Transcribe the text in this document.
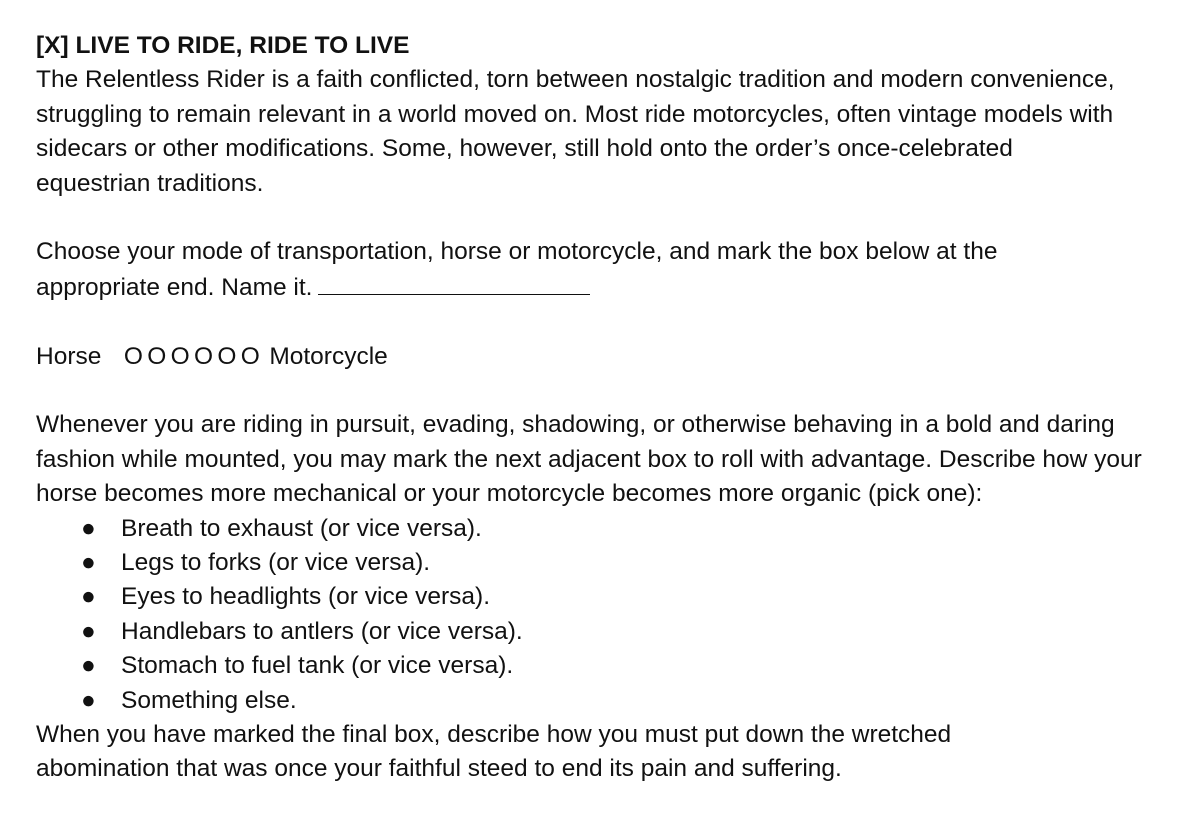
[X] LIVE TO RIDE, RIDE TO LIVE

The Relentless Rider is a faith conflicted, torn between nostalgic tradition and modern convenience, struggling to remain relevant in a world moved on. Most ride motorcycles, often vintage models with sidecars or other modifications. Some, however, still hold onto the order’s once-celebrated equestrian traditions.

Choose your mode of transportation, horse or motorcycle, and mark the box below at the
appropriate end. Name it.

Horse O O O O O O Motorcycle

Whenever you are riding in pursuit, evading, shadowing, or otherwise behaving in a bold and daring fashion while mounted, you may mark the next adjacent box to roll with advantage. Describe how your horse becomes more mechanical or your motorcycle becomes more organic (pick one):

● Breath to exhaust (or vice versa).
● Legs to forks (or vice versa).
● Eyes to headlights (or vice versa).
● Handlebars to antlers (or vice versa).
● Stomach to fuel tank (or vice versa).
● Something else.

When you have marked the final box, describe how you must put down the wretched abomination that was once your faithful steed to end its pain and suffering.
